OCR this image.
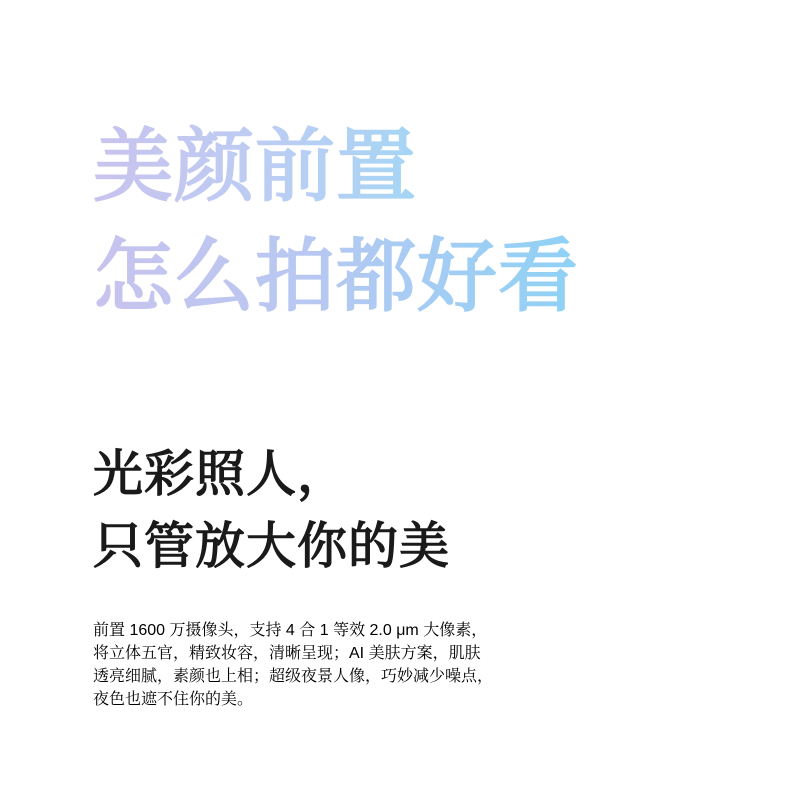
美颜前置
怎么拍都好看
光彩照人，
只管放大你的美

前置 1600 万摄像头，支持 4 合 1 等效 2.0 μm 大像素，
将立体五官，精致妆容，清晰呈现；AI 美肤方案，肌肤
透亮细腻，素颜也上相；超级夜景人像，巧妙减少噪点，
夜色也遮不住你的美。
